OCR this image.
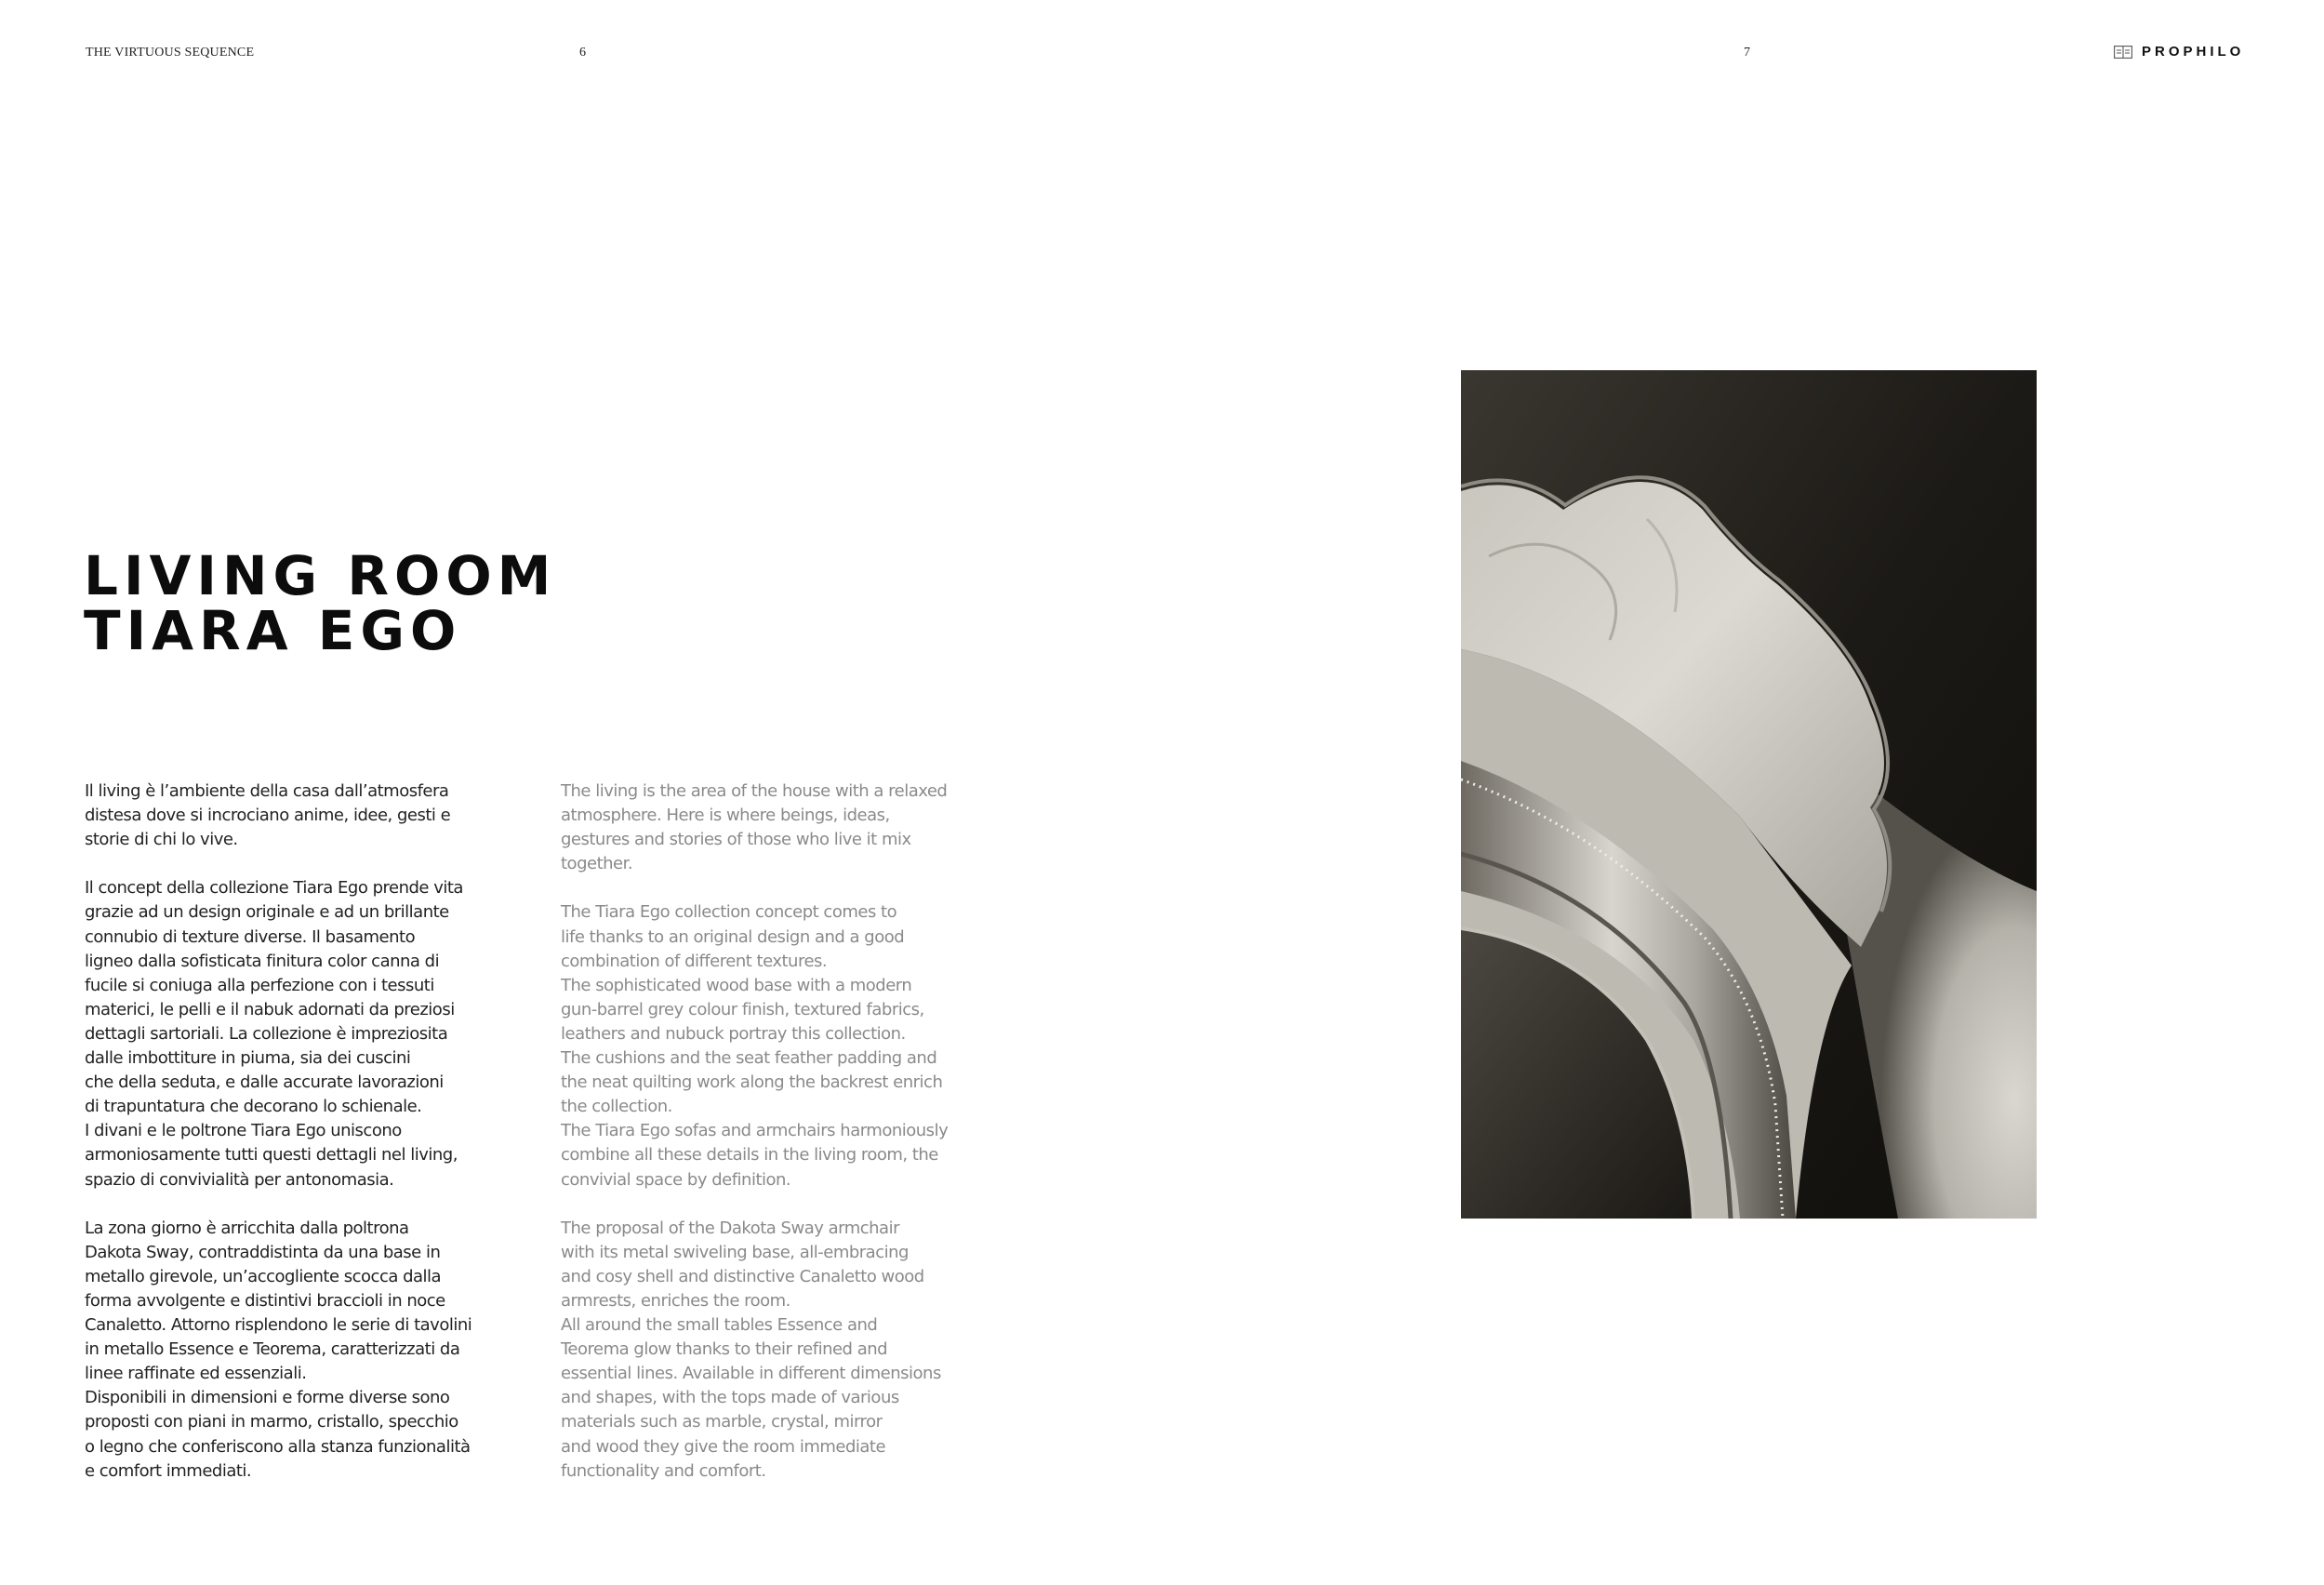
THE VIRTUOUS SEQUENCE	6	7	PROPHILO
LIVING ROOM
TIARA EGO

Il living è l’ambiente della casa dall’atmosfera
distesa dove si incrociano anime, idee, gesti e
storie di chi lo vive.

Il concept della collezione Tiara Ego prende vita
grazie ad un design originale e ad un brillante
connubio di texture diverse. Il basamento
ligneo dalla sofisticata finitura color canna di
fucile si coniuga alla perfezione con i tessuti
materici, le pelli e il nabuk adornati da preziosi
dettagli sartoriali. La collezione è impreziosita
dalle imbottiture in piuma, sia dei cuscini
che della seduta, e dalle accurate lavorazioni
di trapuntatura che decorano lo schienale.
I divani e le poltrone Tiara Ego uniscono
armoniosamente tutti questi dettagli nel living,
spazio di convivialità per antonomasia.

La zona giorno è arricchita dalla poltrona
Dakota Sway, contraddistinta da una base in
metallo girevole, un’accogliente scocca dalla
forma avvolgente e distintivi braccioli in noce
Canaletto. Attorno risplendono le serie di tavolini
in metallo Essence e Teorema, caratterizzati da
linee raffinate ed essenziali.
Disponibili in dimensioni e forme diverse sono
proposti con piani in marmo, cristallo, specchio
o legno che conferiscono alla stanza funzionalità
e comfort immediati.

The living is the area of the house with a relaxed
atmosphere. Here is where beings, ideas,
gestures and stories of those who live it mix
together.

The Tiara Ego collection concept comes to
life thanks to an original design and a good
combination of different textures.
The sophisticated wood base with a modern
gun-barrel grey colour finish, textured fabrics,
leathers and nubuck portray this collection.
The cushions and the seat feather padding and
the neat quilting work along the backrest enrich
the collection.
The Tiara Ego sofas and armchairs harmoniously
combine all these details in the living room, the
convivial space by definition.

The proposal of the Dakota Sway armchair
with its metal swiveling base, all-embracing
and cosy shell and distinctive Canaletto wood
armrests, enriches the room.
All around the small tables Essence and
Teorema glow thanks to their refined and
essential lines. Available in different dimensions
and shapes, with the tops made of various
materials such as marble, crystal, mirror
and wood they give the room immediate
functionality and comfort.
